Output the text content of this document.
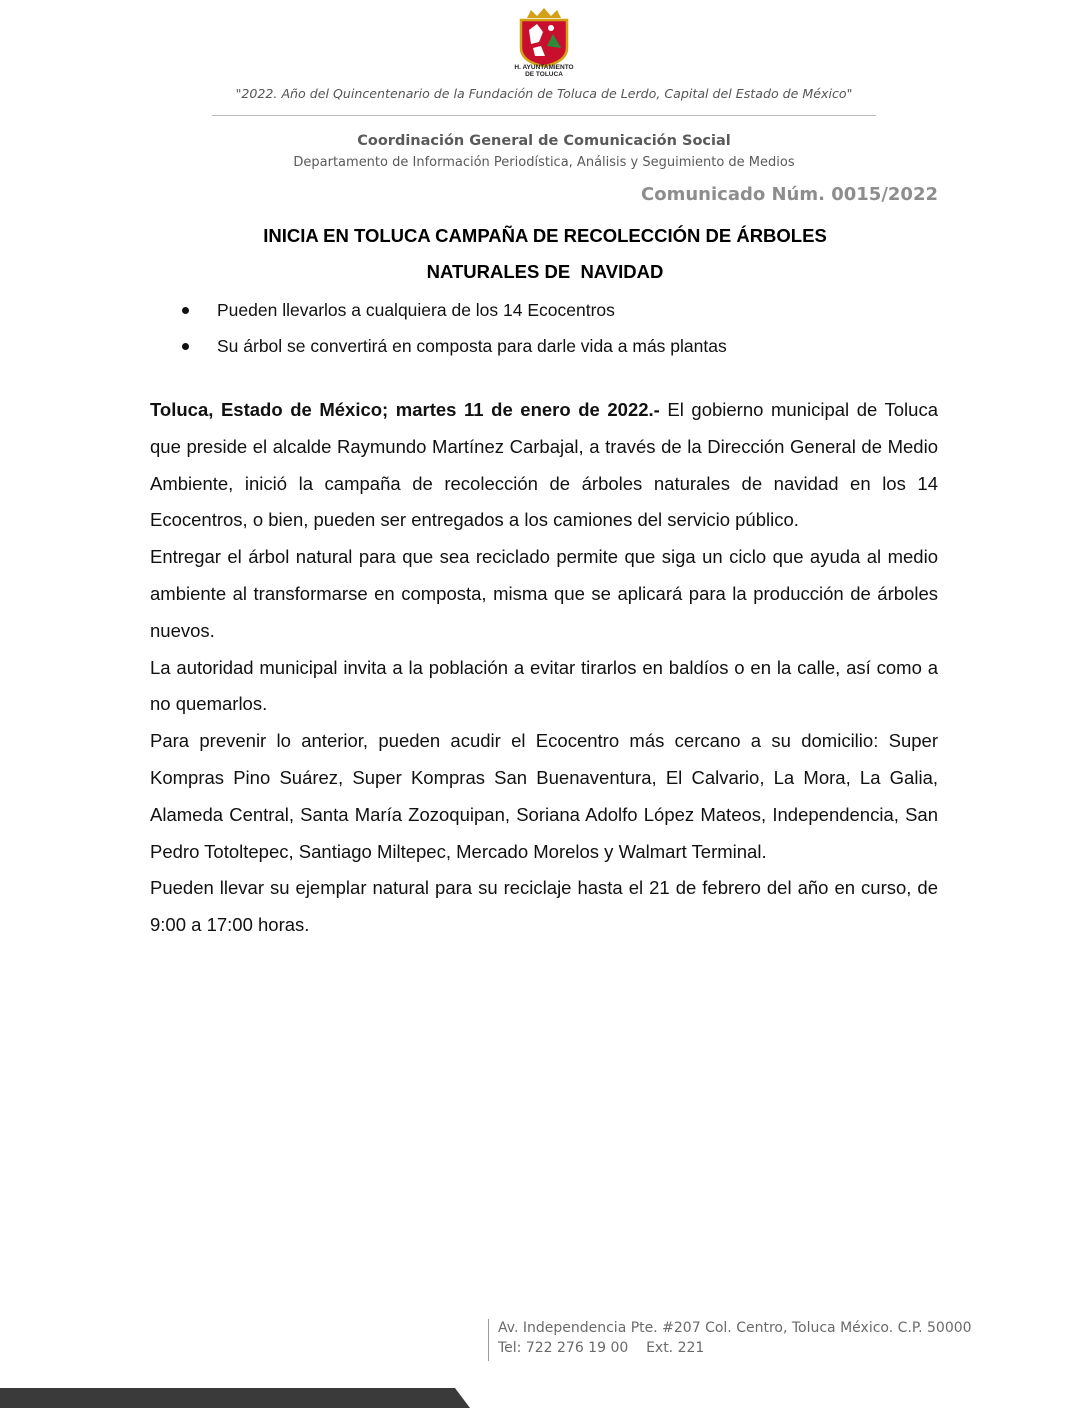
H. AYUNTAMIENTO
DE TOLUCA
"2022. Año del Quincentenario de la Fundación de Toluca de Lerdo, Capital del Estado de México"
Coordinación General de Comunicación Social
Departamento de Información Periodística, Análisis y Seguimiento de Medios
Comunicado Núm. 0015/2022
INICIA EN TOLUCA CAMPAÑA DE RECOLECCIÓN DE ÁRBOLES
NATURALES DE  NAVIDAD
Pueden llevarlos a cualquiera de los 14 Ecocentros
Su árbol se convertirá en composta para darle vida a más plantas

Toluca, Estado de México; martes 11 de enero de 2022.- El gobierno municipal de Toluca que preside el alcalde Raymundo Martínez Carbajal, a través de la Dirección General de Medio Ambiente, inició la campaña de recolección de árboles naturales de navidad en los 14 Ecocentros, o bien, pueden ser entregados a los camiones del servicio público.

Entregar el árbol natural para que sea reciclado permite que siga un ciclo que ayuda al medio ambiente al transformarse en composta, misma que se aplicará para la producción de árboles nuevos.

La autoridad municipal invita a la población a evitar tirarlos en baldíos o en la calle, así como a no quemarlos.

Para prevenir lo anterior, pueden acudir el Ecocentro más cercano a su domicilio: Super Kompras Pino Suárez, Super Kompras San Buenaventura, El Calvario, La Mora, La Galia, Alameda Central, Santa María Zozoquipan, Soriana Adolfo López Mateos, Independencia, San Pedro Totoltepec, Santiago Miltepec, Mercado Morelos y Walmart Terminal.

Pueden llevar su ejemplar natural para su reciclaje hasta el 21 de febrero del año en curso, de 9:00 a 17:00 horas.

Av. Independencia Pte. #207 Col. Centro, Toluca México. C.P. 50000
Tel: 722 276 19 00    Ext. 221
